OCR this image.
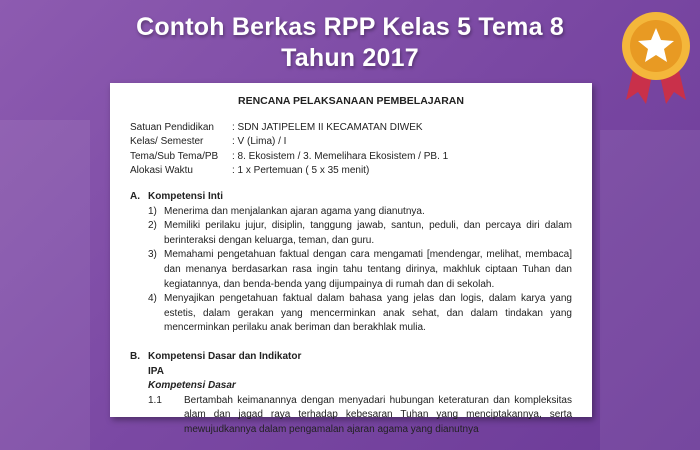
Contoh Berkas RPP Kelas 5 Tema 8
Tahun 2017
RENCANA PELAKSANAAN PEMBELAJARAN
Satuan Pendidikan	: SDN JATIPELEM II KECAMATAN DIWEK
Kelas/ Semester	: V (Lima) / I
Tema/Sub Tema/PB	: 8. Ekosistem / 3. Memelihara Ekosistem / PB. 1
Alokasi Waktu	: 1 x Pertemuan ( 5 x 35 menit)
A. Kompetensi Inti
1) Menerima dan menjalankan ajaran agama yang dianutnya.
2) Memiliki perilaku jujur, disiplin, tanggung jawab, santun, peduli, dan percaya diri dalam berinteraksi dengan keluarga, teman, dan guru.
3) Memahami pengetahuan faktual dengan cara mengamati [mendengar, melihat, membaca] dan menanya berdasarkan rasa ingin tahu tentang dirinya, makhluk ciptaan Tuhan dan kegiatannya, dan benda-benda yang dijumpainya di rumah dan di sekolah.
4) Menyajikan pengetahuan faktual dalam bahasa yang jelas dan logis, dalam karya yang estetis, dalam gerakan yang mencerminkan anak sehat, dan dalam tindakan yang mencerminkan perilaku anak beriman dan berakhlak mulia.
B. Kompetensi Dasar dan Indikator
IPA
Kompetensi Dasar
1.1	Bertambah keimanannya dengan menyadari hubungan keteraturan dan kompleksitas alam dan jagad raya terhadap kebesaran Tuhan yang menciptakannya, serta mewujudkannya dalam pengamalan ajaran agama yang dianutnya
